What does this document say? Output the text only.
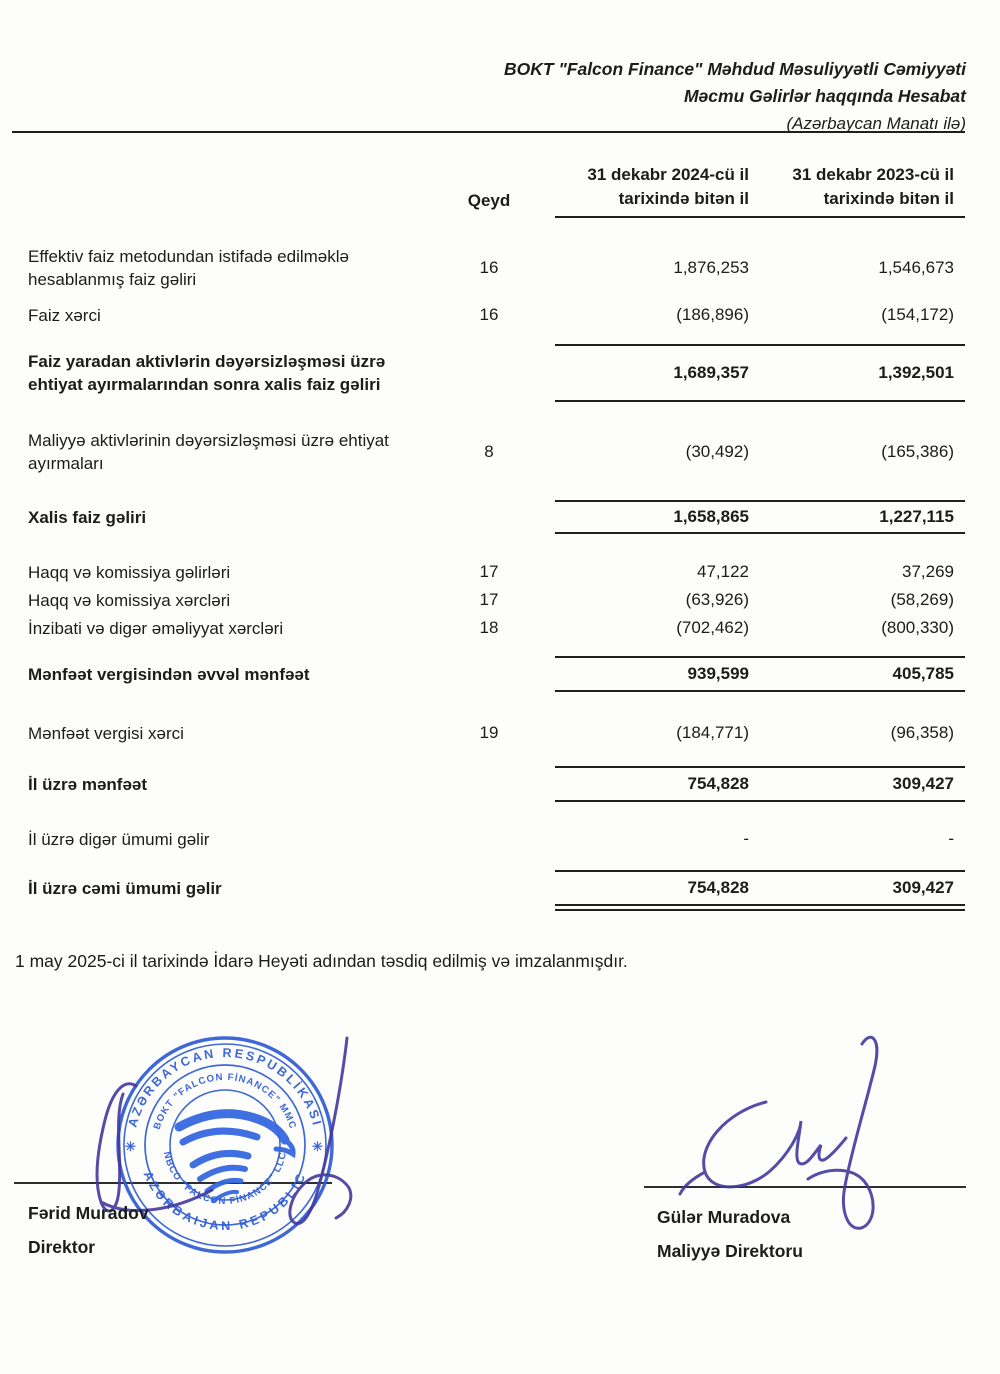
BOKT "Falcon Finance" Məhdud Məsuliyyətli Cəmiyyəti
Məcmu Gəlirlər haqqında Hesabat
(Azərbaycan Manatı ilə)
Qeyd
31 dekabr 2024-cü il
tarixində bitən il
31 dekabr 2023-cü il
tarixində bitən il
Effektiv faiz metodundan istifadə edilməklə hesablanmış faiz gəliri
16	1,876,253	1,546,673
Faiz xərci	16	(186,896)	(154,172)
Faiz yaradan aktivlərin dəyərsizləşməsi üzrə ehtiyat ayırmalarından sonra xalis faiz gəliri
1,689,357	1,392,501
Maliyyə aktivlərinin dəyərsizləşməsi üzrə ehtiyat ayırmaları
8	(30,492)	(165,386)
Xalis faiz gəliri	1,658,865	1,227,115
Haqq və komissiya gəlirləri	17	47,122	37,269
Haqq və komissiya xərcləri	17	(63,926)	(58,269)
İnzibati və digər əməliyyat xərcləri	18	(702,462)	(800,330)
Mənfəət vergisindən əvvəl mənfəət	939,599	405,785
Mənfəət vergisi xərci	19	(184,771)	(96,358)
İl üzrə mənfəət	754,828	309,427
İl üzrə digər ümumi gəlir	-	-
İl üzrə cəmi ümumi gəlir	754,828	309,427
1 may 2025-ci il tarixində İdarə Heyəti adından təsdiq edilmiş və imzalanmışdır.
AZƏRBAYCAN RESPUBLİKASI
AZƏRBAIJAN REPUBLIC
BOKT "FALCON FİNANCE" MMC
NBCO "FALCON FİNANCE" LLC
✳	✳
Fərid Muradov
Direktor
Gülər Muradova
Maliyyə Direktoru
